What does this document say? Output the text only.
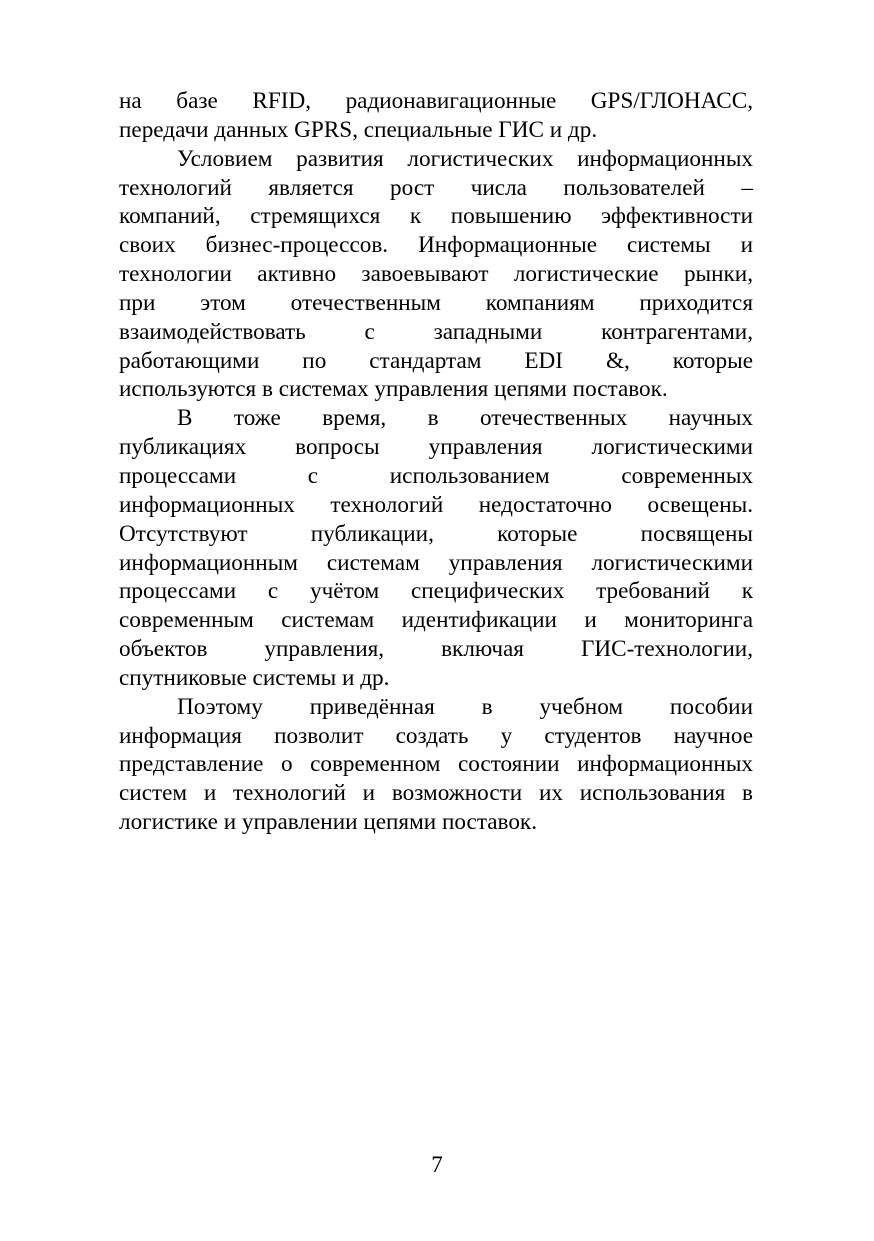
на базе RFID, радионавигационные GPS/ГЛОНАСС,
передачи данных GPRS, специальные ГИС и др.

Условием развития логистических информационных
технологий является рост числа пользователей –
компаний, стремящихся к повышению эффективности
своих бизнес-процессов. Информационные системы и
технологии активно завоевывают логистические рынки,
при этом отечественным компаниям приходится
взаимодействовать с западными контрагентами,
работающими по стандартам EDI &, которые
используются в системах управления цепями поставок.

В тоже время, в отечественных научных
публикациях вопросы управления логистическими
процессами с использованием современных
информационных технологий недостаточно освещены.
Отсутствуют публикации, которые посвящены
информационным системам управления логистическими
процессами с учётом специфических требований к
современным системам идентификации и мониторинга
объектов управления, включая ГИС-технологии,
спутниковые системы и др.

Поэтому приведённая в учебном пособии
информация позволит создать у студентов научное
представление о современном состоянии информационных
систем и технологий и возможности их использования в
логистике и управлении цепями поставок.

7
